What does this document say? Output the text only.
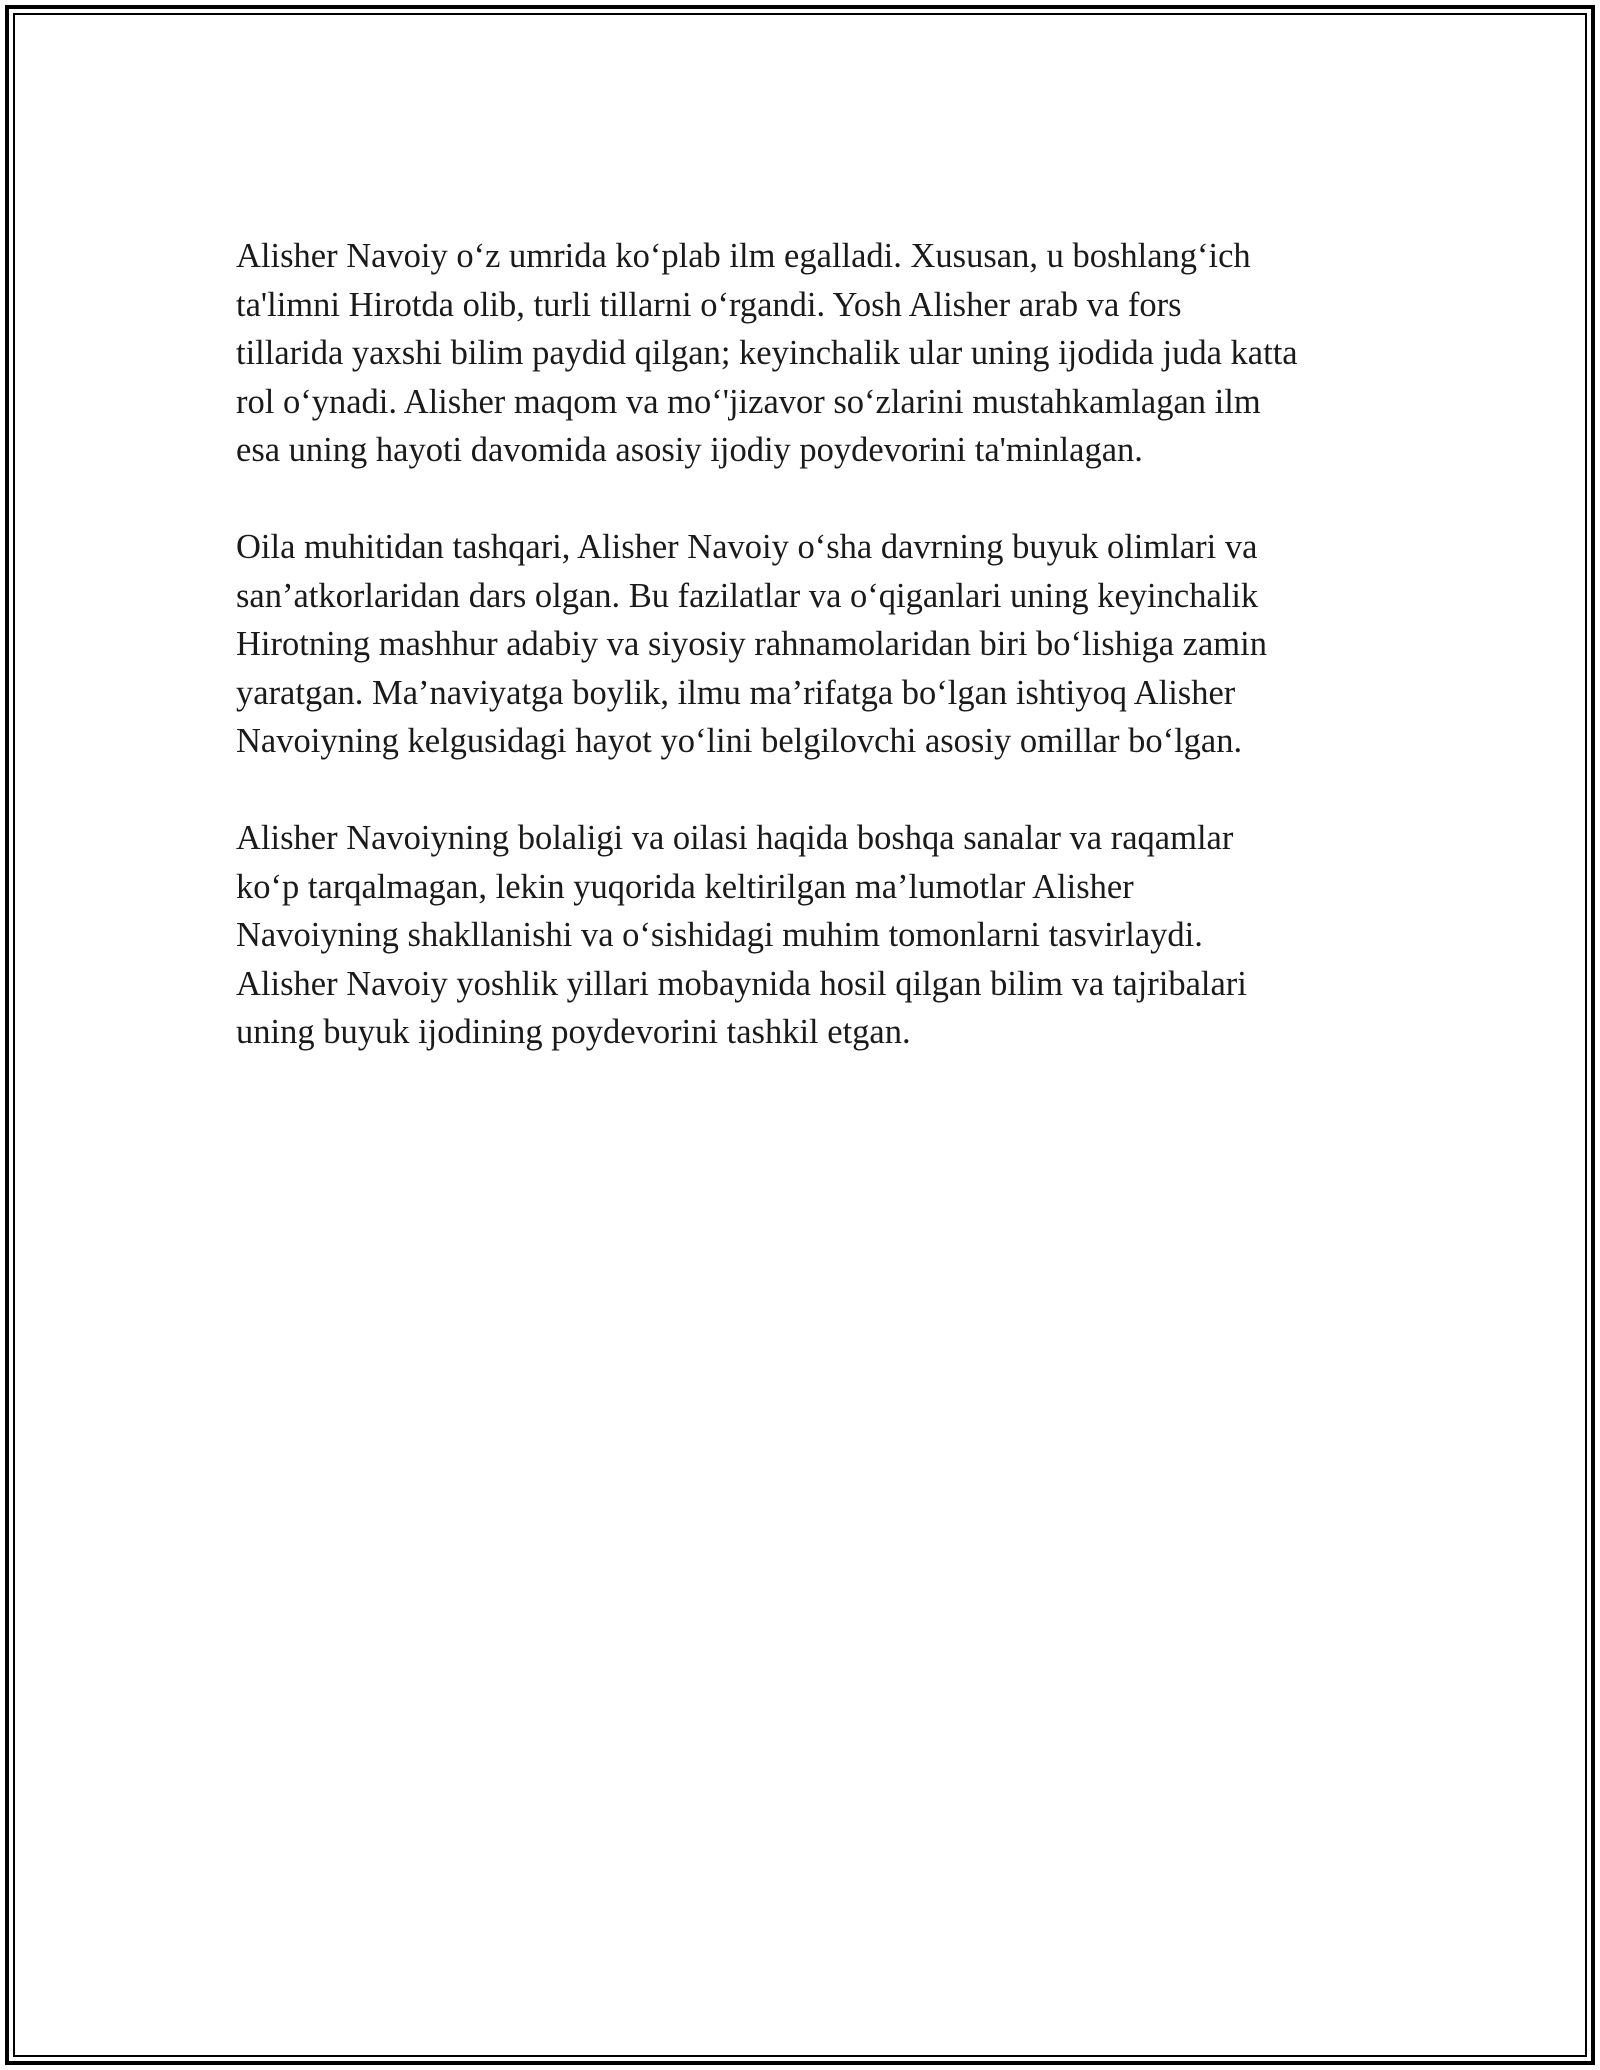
Alisher Navoiy o‘z umrida ko‘plab ilm egalladi. Xususan, u boshlang‘ich
ta'limni Hirotda olib, turli tillarni o‘rgandi. Yosh Alisher arab va fors
tillarida yaxshi bilim paydid qilgan; keyinchalik ular uning ijodida juda katta
rol o‘ynadi. Alisher maqom va mo‘'jizavor so‘zlarini mustahkamlagan ilm
esa uning hayoti davomida asosiy ijodiy poydevorini ta'minlagan.

Oila muhitidan tashqari, Alisher Navoiy o‘sha davrning buyuk olimlari va
san’atkorlaridan dars olgan. Bu fazilatlar va o‘qiganlari uning keyinchalik
Hirotning mashhur adabiy va siyosiy rahnamolaridan biri bo‘lishiga zamin
yaratgan. Ma’naviyatga boylik, ilmu ma’rifatga bo‘lgan ishtiyoq Alisher
Navoiyning kelgusidagi hayot yo‘lini belgilovchi asosiy omillar bo‘lgan.

Alisher Navoiyning bolaligi va oilasi haqida boshqa sanalar va raqamlar
ko‘p tarqalmagan, lekin yuqorida keltirilgan ma’lumotlar Alisher
Navoiyning shakllanishi va o‘sishidagi muhim tomonlarni tasvirlaydi.
Alisher Navoiy yoshlik yillari mobaynida hosil qilgan bilim va tajribalari
uning buyuk ijodining poydevorini tashkil etgan.
